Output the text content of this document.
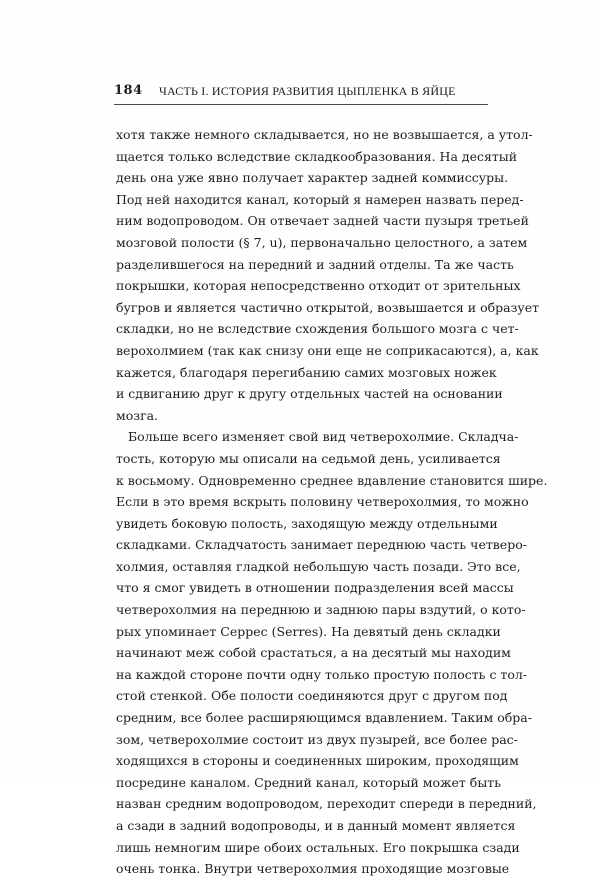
184 ЧАСТЬ I. ИСТОРИЯ РАЗВИТИЯ ЦЫПЛЕНКА В ЯЙЦЕ
хотя также немного складывается, но не возвышается, а утол-
щается только вследствие складкообразования. На десятый
день она уже явно получает характер задней коммиссуры.
Под ней находится канал, который я намерен назвать перед-
ним водопроводом. Он отвечает задней части пузыря третьей
мозговой полости (§ 7, u), первоначально целостного, а затем
разделившегося на передний и задний отделы. Та же часть
покрышки, которая непосредственно отходит от зрительных
бугров и является частично открытой, возвышается и образует
складки, но не вследствие схождения большого мозга с чет-
верохолмием (так как снизу они еще не соприкасаются), а, как
кажется, благодаря перегибанию самих мозговых ножек
и сдвиганию друг к другу отдельных частей на основании
мозга.
Больше всего изменяет свой вид четверохолмие. Складча-
тость, которую мы описали на седьмой день, усиливается
к восьмому. Одновременно среднее вдавление становится шире.
Если в это время вскрыть половину четверохолмия, то можно
увидеть боковую полость, заходящую между отдельными
складками. Складчатость занимает переднюю часть четверо-
холмия, оставляя гладкой небольшую часть позади. Это все,
что я смог увидеть в отношении подразделения всей массы
четверохолмия на переднюю и заднюю пары вздутий, о кото-
рых упоминает Серрес (Serres). На девятый день складки
начинают меж собой срастаться, а на десятый мы находим
на каждой стороне почти одну только простую полость с тол-
стой стенкой. Обе полости соединяются друг с другом под
средним, все более расширяющимся вдавлением. Таким обра-
зом, четверохолмие состоит из двух пузырей, все более рас-
ходящихся в стороны и соединенных широким, проходящим
посредине каналом. Средний канал, который может быть
назван средним водопроводом, переходит спереди в передний,
а сзади в задний водопроводы, и в данный момент является
лишь немногим шире обоих остальных. Его покрышка сзади
очень тонка. Внутри четверохолмия проходящие мозговые
